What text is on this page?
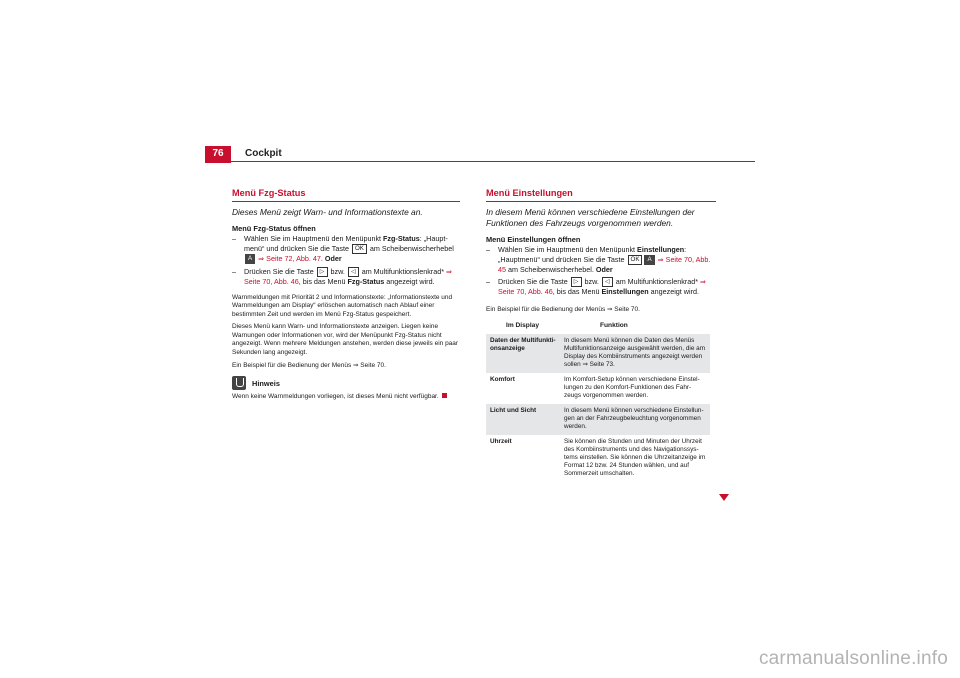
76	Cockpit
Menü Fzg-Status
Dieses Menü zeigt Warn- und Informationstexte an.
Menü Fzg-Status öffnen
– Wählen Sie im Hauptmenü den Menüpunkt Fzg-Status: „Haupt-menü“ und drücken Sie die Taste OK am Scheibenwischerhebel A ⇒ Seite 72, Abb. 47. Oder
– Drücken Sie die Taste ▷ bzw. ◁ am Multifunktionslenkrad* ⇒ Seite 70, Abb. 46, bis das Menü Fzg-Status angezeigt wird.

Warnmeldungen mit Priorität 2 und Informationstexte: „Informationstexte und Warnmeldungen am Display“ erlöschen automatisch nach Ablauf einer bestimmten Zeit und werden im Menü Fzg-Status gespeichert.

Dieses Menü kann Warn- und Informationstexte anzeigen. Liegen keine Warnungen oder Informationen vor, wird der Menüpunkt Fzg-Status nicht angezeigt. Wenn mehrere Meldungen anstehen, werden diese jeweils ein paar Sekunden lang angezeigt.

Ein Beispiel für die Bedienung der Menüs ⇒ Seite 70.

Hinweis
Wenn keine Warnmeldungen vorliegen, ist dieses Menü nicht verfügbar.
Menü Einstellungen
In diesem Menü können verschiedene Einstellungen der Funktionen des Fahrzeugs vorgenommen werden.
Menü Einstellungen öffnen
– Wählen Sie im Hauptmenü den Menüpunkt Einstellungen: „Hauptmenü“ und drücken Sie die Taste OK A ⇒ Seite 70, Abb. 45 am Scheibenwischerhebel. Oder
– Drücken Sie die Taste ▷ bzw. ◁ am Multifunktionslenkrad* ⇒ Seite 70, Abb. 46, bis das Menü Einstellungen angezeigt wird.
Ein Beispiel für die Bedienung der Menüs ⇒ Seite 70.
Im Display	Funktion
Daten der Multifunkti-onsanzeige	In diesem Menü können die Daten des Menüs Multifunktionsanzeige ausgewählt werden, die am Display des Kombiinstruments angezeigt werden sollen ⇒ Seite 73.
Komfort	Im Komfort-Setup können verschiedene Einstel-lungen zu den Komfort-Funktionen des Fahr-zeugs vorgenommen werden.
Licht und Sicht	In diesem Menü können verschiedene Einstellun-gen an der Fahrzeugbeleuchtung vorgenommen werden.
Uhrzeit	Sie können die Stunden und Minuten der Uhrzeit des Kombiinstruments und des Navigationssys-tems einstellen. Sie können die Uhrzeitanzeige im Format 12 bzw. 24 Stunden wählen, und auf Sommerzeit umschalten.
carmanualsonline.info
